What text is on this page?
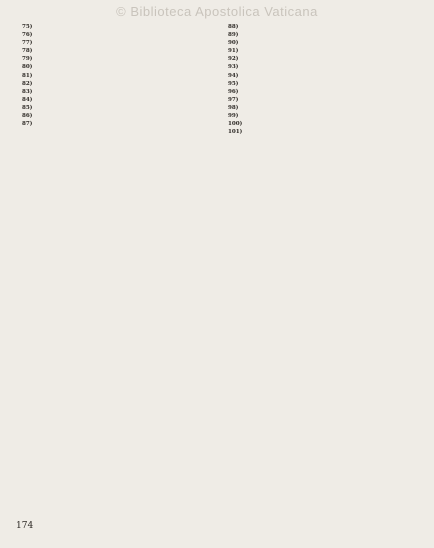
© Biblioteca Apostolica Vaticana

75)

76)

77)

78)

79)

80)

81)

82)

83)

84)

85)

86)

87)

88)

89)

90)

91)

92)

93)

94)

95)

96)

97)

98)

99)

100)

101)

174
